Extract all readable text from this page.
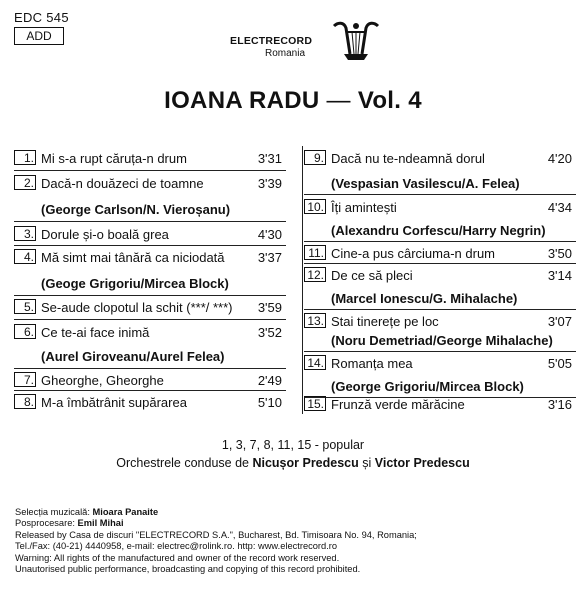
EDC 545
ADD	ELECTRECORD
Romania
IOANA RADU — Vol. 4
1. Mi s-a rupt căruța-n drum	3'31
2. Dacă-n douăzeci de toamne	3'39
(George Carlson/N. Vieroșanu)
3. Dorule și-o boală grea	4'30
4. Mă simt mai tânără ca niciodată	3'37
(Geoge Grigoriu/Mircea Block)
5. Se-aude clopotul la schit (***/ ***) 3'59
6. Ce te-ai face inimă	3'52
(Aurel Giroveanu/Aurel Felea)
7. Gheorghe, Gheorghe	2'49
8. M-a îmbătrânit supărarea	5'10
9. Dacă nu te-ndeamnă dorul	4'20
(Vespasian Vasilescu/A. Felea)
10. Îți amintești	4'34
(Alexandru Corfescu/Harry Negrin)
11. Cine-a pus cârciuma-n drum	3'50
12. De ce să pleci	3'14
(Marcel Ionescu/G. Mihalache)
13. Stai tinerețe pe loc	3'07
(Noru Demetriad/George Mihalache)
14. Romanța mea	5'05
(George Grigoriu/Mircea Block)
15. Frunză verde mărăcine	3'16
1, 3, 7, 8, 11, 15 - popular
Orchestrele conduse de Nicușor Predescu și Victor Predescu
Selecția muzicală: Mioara Panaite
Posprocesare: Emil Mihai
Released by Casa de discuri "ELECTRECORD S.A.", Bucharest, Bd. Timisoara No. 94, Romania;
Tel./Fax: (40-21) 4440958, e-mail: electrec@rolink.ro. http: www.electrecord.ro
Warning: All rights of the manufactured and owner of the record work reserved.
Unautorised public performance, broadcasting and copying of this record prohibited.
